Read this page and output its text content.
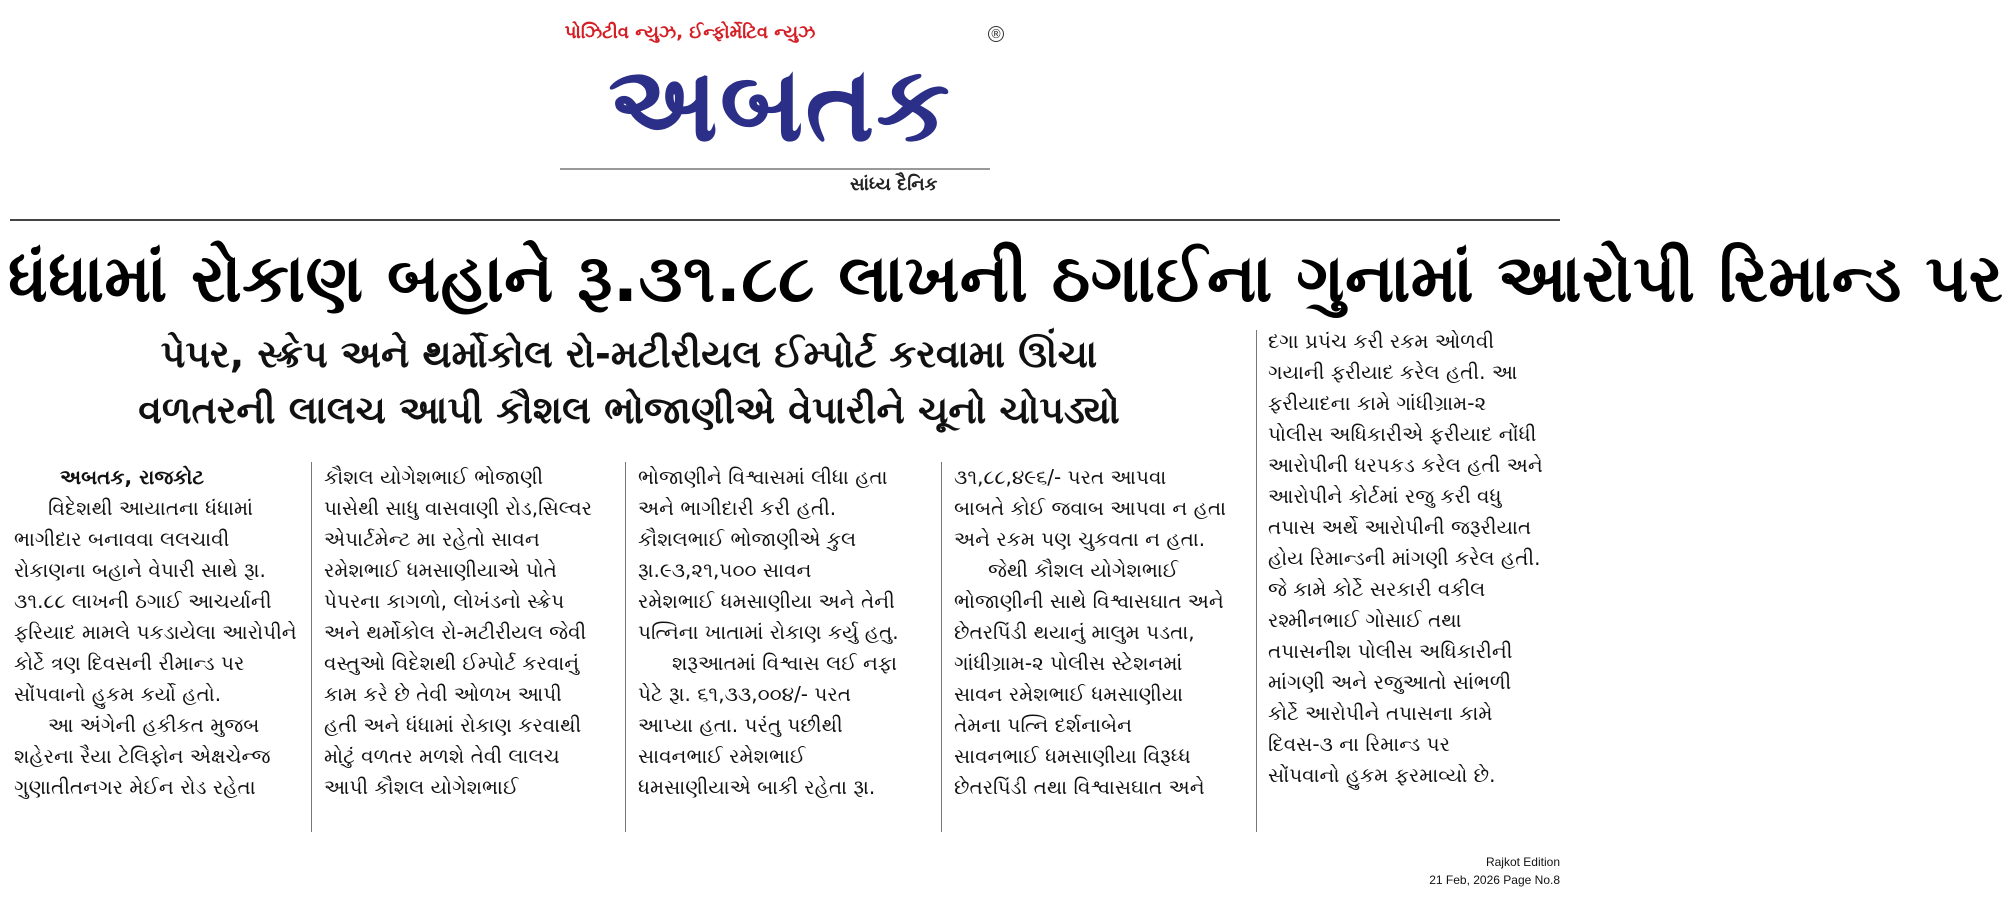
પોઝિટીવ ન્યુઝ, ઈન્ફોર્મેટિવ ન્યુઝ
અબતક
®
સાંધ્ય દૈનિક
ધંધામાં રોકાણ બહાને રૂ.૩૧.૮૮ લાખની ઠગાઈના ગુનામાં આરોપી રિમાન્ડ પર
પેપર, સ્ક્રેપ અને થર્મોકોલ રો-મટીરીયલ ઈમ્પોર્ટ કરવામા ઊંચા
વળતરની લાલચ આપી કૌશલ ભોજાણીએ વેપારીને ચૂનો ચોપડ્યો
અબતક, રાજકોટ
વિદેશથી આયાતના ધંધામાં
ભાગીદાર બનાવવા લલચાવી
રોકાણના બહાને વેપારી સાથે રૂા.
૩૧.૮૮ લાખની ઠગાઈ આચર્યાની
ફરિયાદ મામલે પકડાયેલા આરોપીને
કોર્ટે ત્રણ દિવસની રીમાન્ડ પર
સોંપવાનો હુકમ કર્યો હતો.
આ અંગેની હકીકત મુજબ
શહેરના રૈયા ટેલિફોન એક્ષચેન્જ
ગુણાતીતનગર મેઈન રોડ રહેતા
કૌશલ યોગેશભાઈ ભોજાણી
પાસેથી સાધુ વાસવાણી રોડ,સિલ્વર
એપાર્ટમેન્ટ મા રહેતો સાવન
રમેશભાઈ ધમસાણીયાએ પોતે
પેપરના કાગળો, લોખંડનો સ્ક્રેપ
અને થર્મોકોલ રો-મટીરીયલ જેવી
વસ્તુઓ વિદેશથી ઈમ્પોર્ટ કરવાનું
કામ કરે છે તેવી ઓળખ આપી
હતી અને ધંધામાં રોકાણ કરવાથી
મોટું વળતર મળશે તેવી લાલચ
આપી કૌશલ યોગેશભાઈ
ભોજાણીને વિશ્વાસમાં લીધા હતા
અને ભાગીદારી કરી હતી.
કૌશલભાઈ ભોજાણીએ કુલ
રૂા.૯૩,૨૧,૫૦૦ સાવન
રમેશભાઈ ધમસાણીયા અને તેની
પત્નિના ખાતામાં રોકાણ કર્યુ હતુ.
શરૂઆતમાં વિશ્વાસ લઈ નફા
પેટે રૂા. ૬૧,૩૩,૦૦૪/- પરત
આપ્યા હતા. પરંતુ પછીથી
સાવનભાઈ રમેશભાઈ
ધમસાણીયાએ બાકી રહેતા રૂા.
૩૧,૮૮,૪૯૬/- પરત આપવા
બાબતે કોઈ જવાબ આપવા ન હતા
અને રકમ પણ ચુકવતા ન હતા.
જેથી કૌશલ યોગેશભાઈ
ભોજાણીની સાથે વિશ્વાસઘાત અને
છેતરપિંડી થયાનું માલુમ પડતા,
ગાંધીગ્રામ-૨ પોલીસ સ્ટેશનમાં
સાવન રમેશભાઈ ધમસાણીયા
તેમના પત્નિ દર્શનાબેન
સાવનભાઈ ધમસાણીયા વિરૂધ્ધ
છેતરપિંડી તથા વિશ્વાસઘાત અને
દગા પ્રપંચ કરી રકમ ઓળવી
ગયાની ફરીયાદ કરેલ હતી. આ
ફરીયાદના કામે ગાંધીગ્રામ-૨
પોલીસ અધિકારીએ ફરીયાદ નોંધી
આરોપીની ધરપકડ કરેલ હતી અને
આરોપીને કોર્ટમાં રજુ કરી વધુ
તપાસ અર્થે આરોપીની જરૂરીયાત
હોય રિમાન્ડની માંગણી કરેલ હતી.
જે કામે કોર્ટે સરકારી વકીલ
રશ્મીનભાઈ ગોસાઈ તથા
તપાસનીશ પોલીસ અધિકારીની
માંગણી અને રજુઆતો સાંભળી
કોર્ટે આરોપીને તપાસના કામે
દિવસ-૩ ના રિમાન્ડ પર
સોંપવાનો હુકમ ફરમાવ્યો છે.
Rajkot Edition
21 Feb, 2026 Page No.8
